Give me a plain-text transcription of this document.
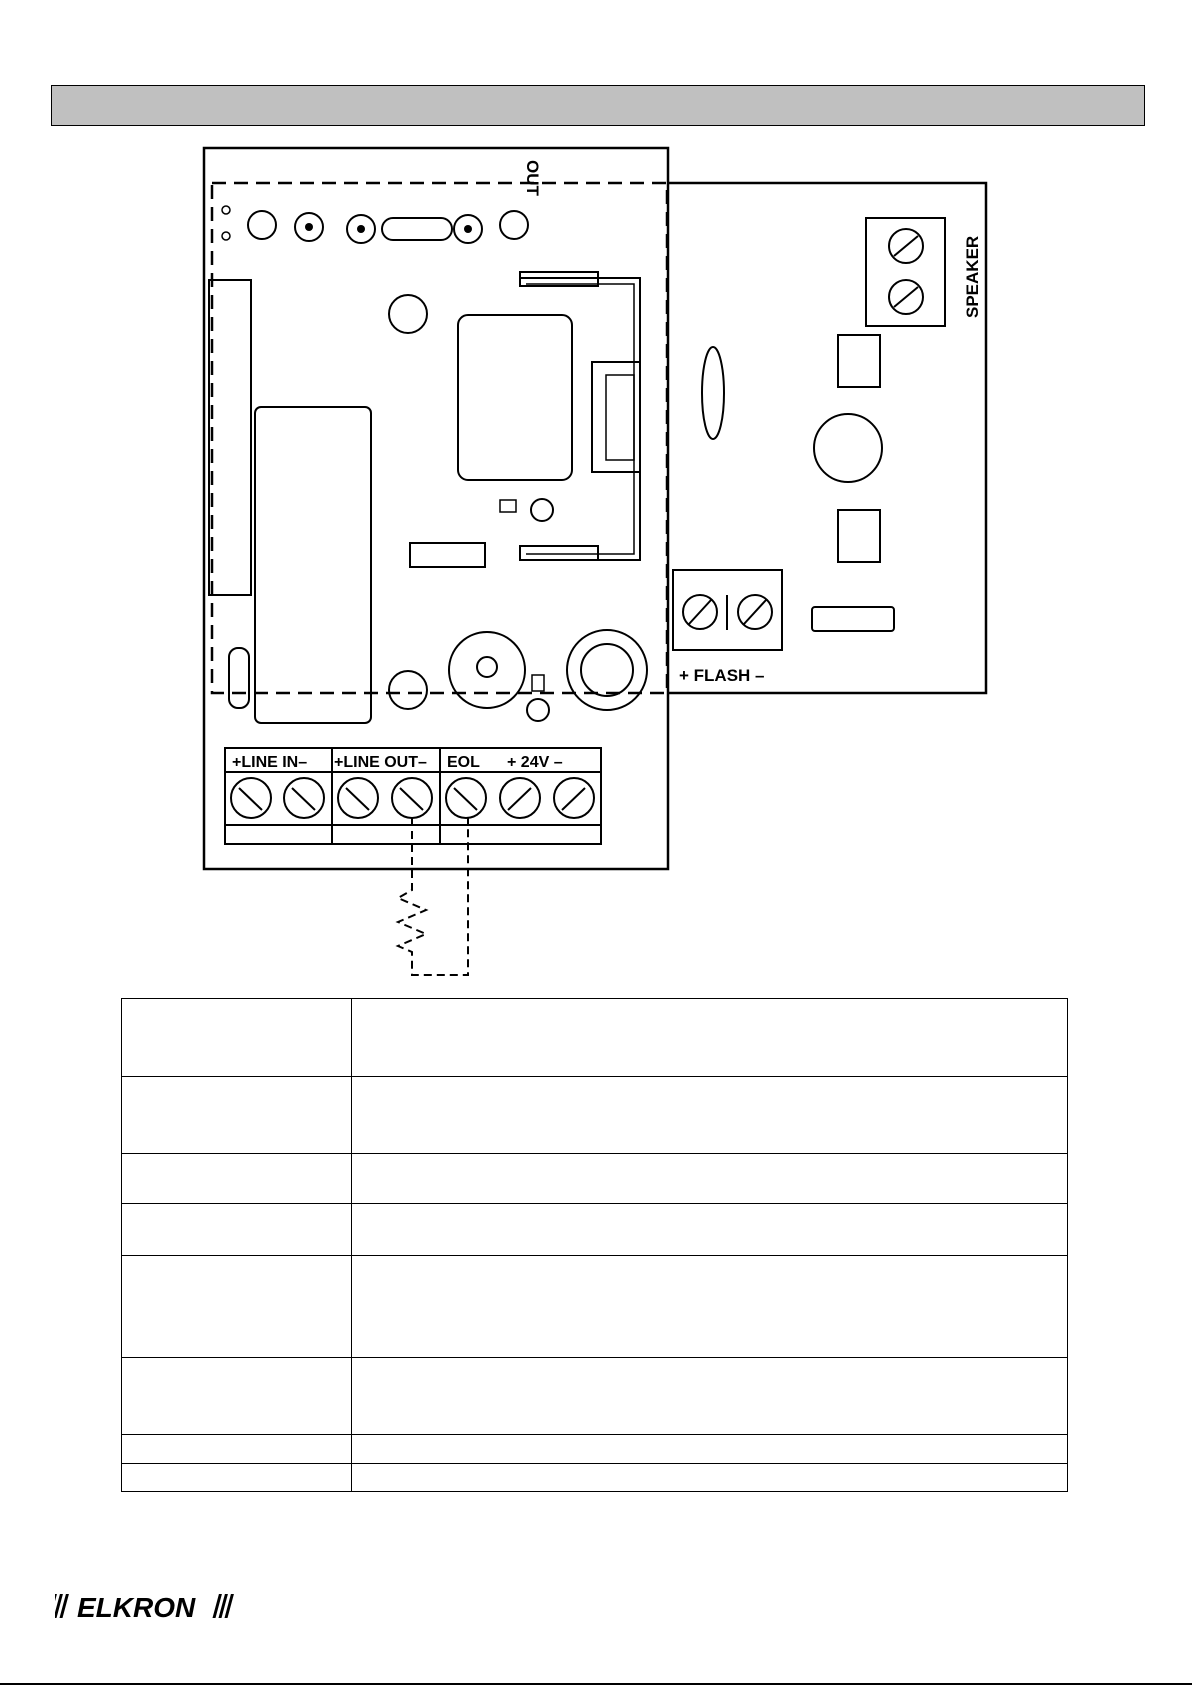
OUT
SPEAKER
+ FLASH –
+LINE IN– +LINE OUT– EOL + 24V –

ELKRON
